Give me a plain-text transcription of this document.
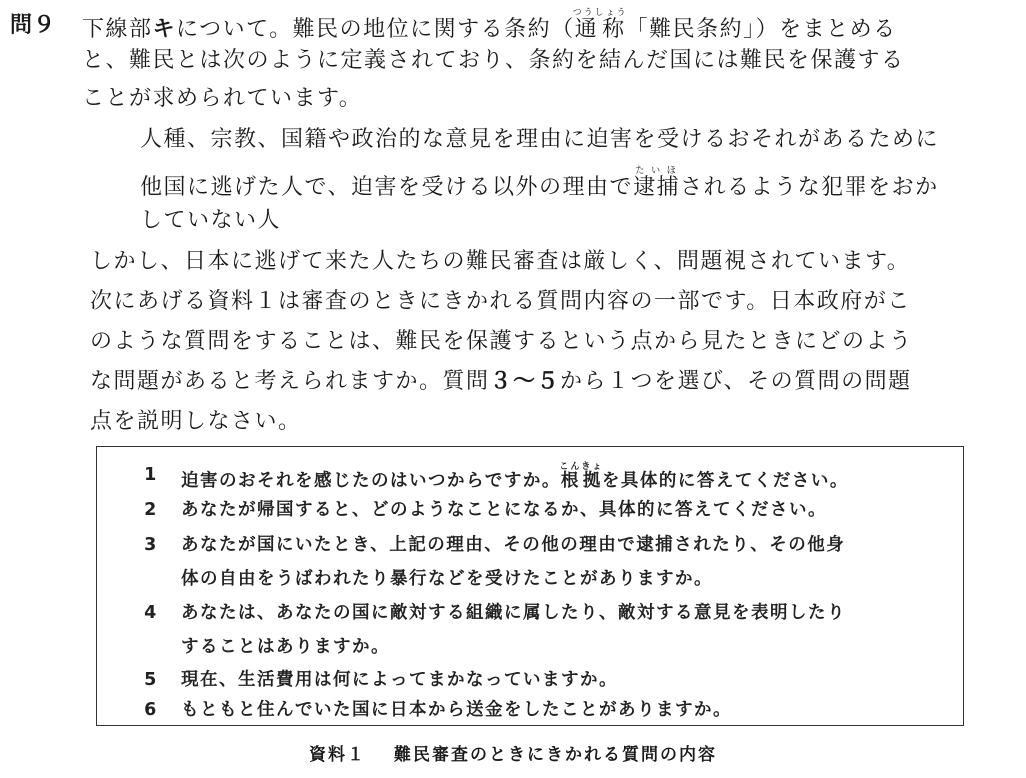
問９ 下線部キについて。難民の地位に関する条約（通称つうしょう「難民条約」）をまとめる
と、難民とは次のように定義されており、条約を結んだ国には難民を保護する
ことが求められています。
人種、宗教、国籍や政治的な意見を理由に迫害を受けるおそれがあるために
他国に逃げた人で、迫害を受ける以外の理由で逮捕たいほされるような犯罪をおか
していない人
しかし、日本に逃げて来た人たちの難民審査は厳しく、問題視されています。
次にあげる資料１は審査のときにきかれる質問内容の一部です。日本政府がこ
のような質問をすることは、難民を保護するという点から見たときにどのよう
な問題があると考えられますか。質問３～５から１つを選び、その質問の問題
点を説明しなさい。
1 迫害のおそれを感じたのはいつからですか。根拠こんきょを具体的に答えてください。
2 あなたが帰国すると、どのようなことになるか、具体的に答えてください。
3 あなたが国にいたとき、上記の理由、その他の理由で逮捕されたり、その他身
体の自由をうばわれたり暴行などを受けたことがありますか。
4 あなたは、あなたの国に敵対する組織に属したり、敵対する意見を表明したり
することはありますか。
5 現在、生活費用は何によってまかなっていますか。
6 もともと住んでいた国に日本から送金をしたことがありますか。
資料１ 難民審査のときにきかれる質問の内容
